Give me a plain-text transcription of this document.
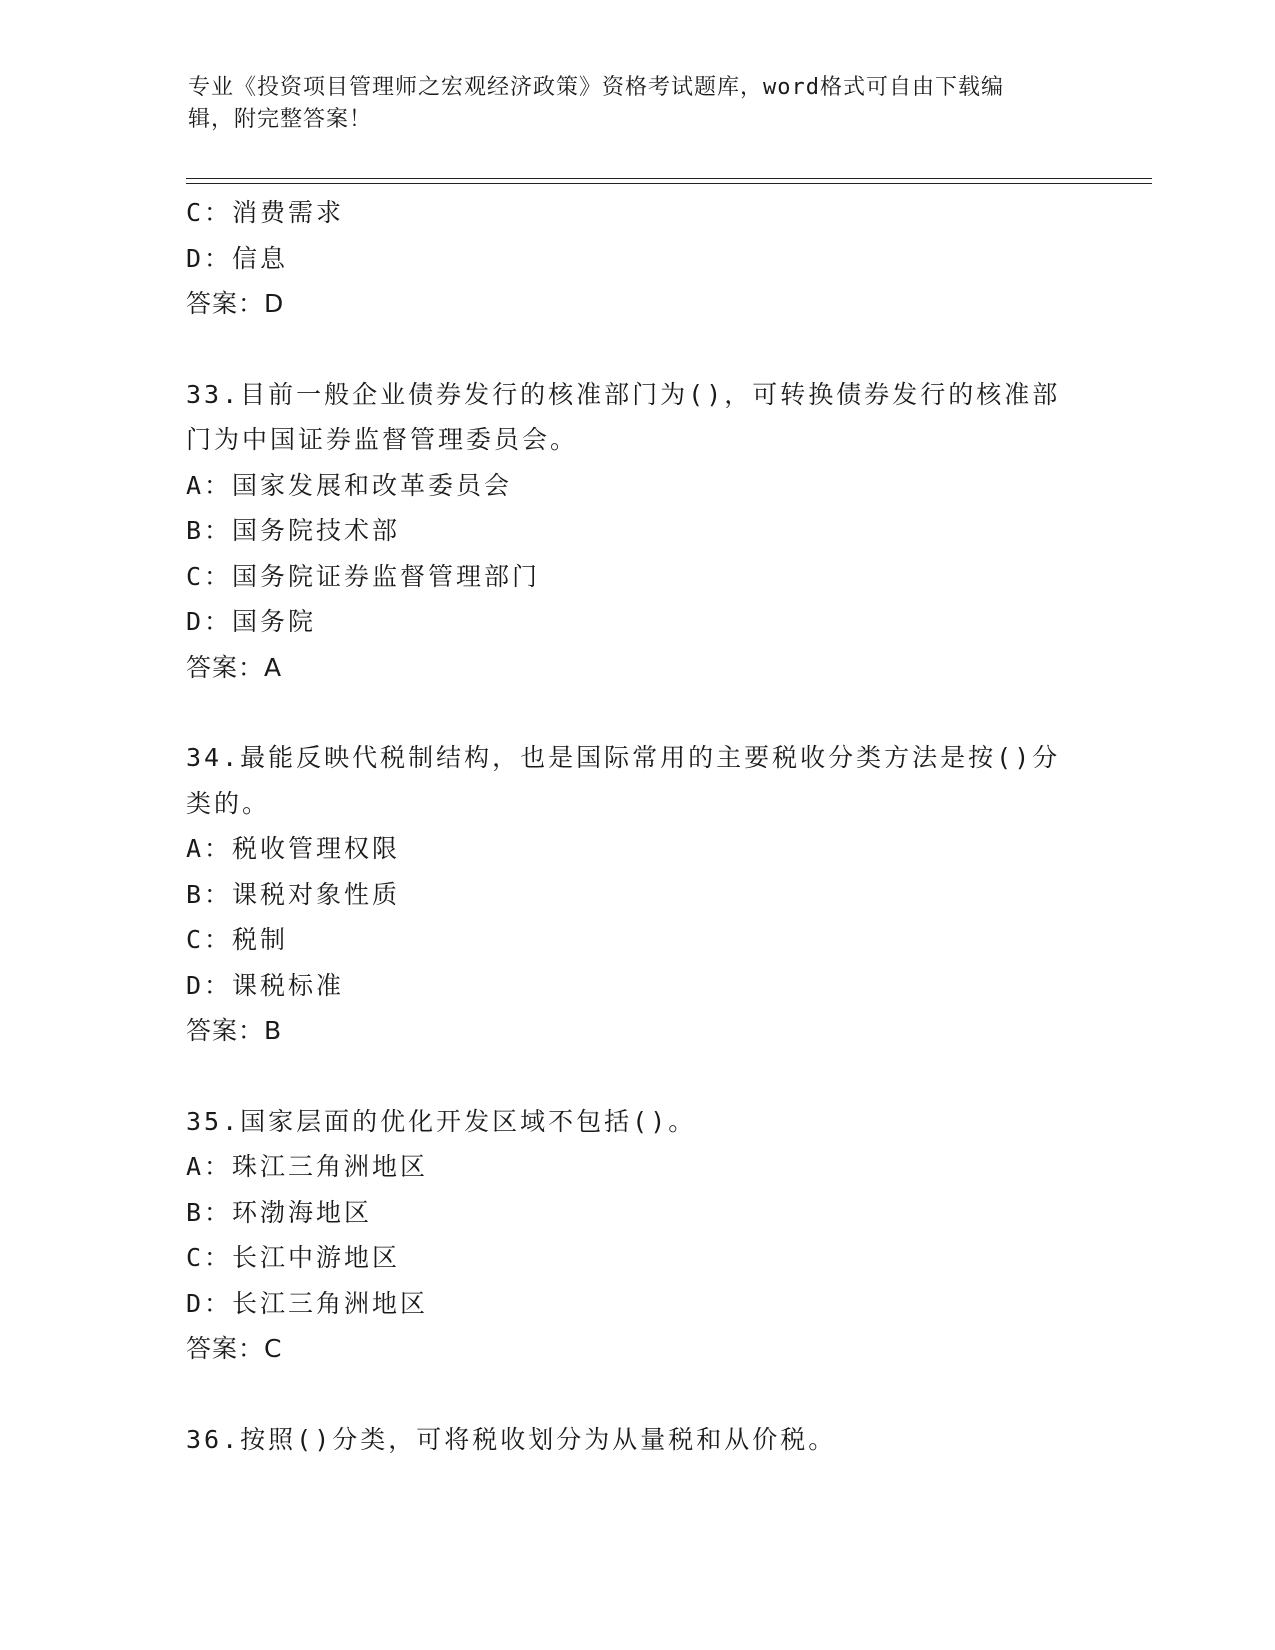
专业《投资项目管理师之宏观经济政策》资格考试题库，word格式可自由下载编
辑，附完整答案！
C：消费需求
D：信息
答案：D
33.目前一般企业债券发行的核准部门为()，可转换债券发行的核准部
门为中国证券监督管理委员会。
A：国家发展和改革委员会
B：国务院技术部
C：国务院证券监督管理部门
D：国务院
答案：A
34.最能反映代税制结构，也是国际常用的主要税收分类方法是按()分
类的。
A：税收管理权限
B：课税对象性质
C：税制
D：课税标准
答案：B
35.国家层面的优化开发区域不包括()。
A：珠江三角洲地区
B：环渤海地区
C：长江中游地区
D：长江三角洲地区
答案：C
36.按照()分类，可将税收划分为从量税和从价税。
